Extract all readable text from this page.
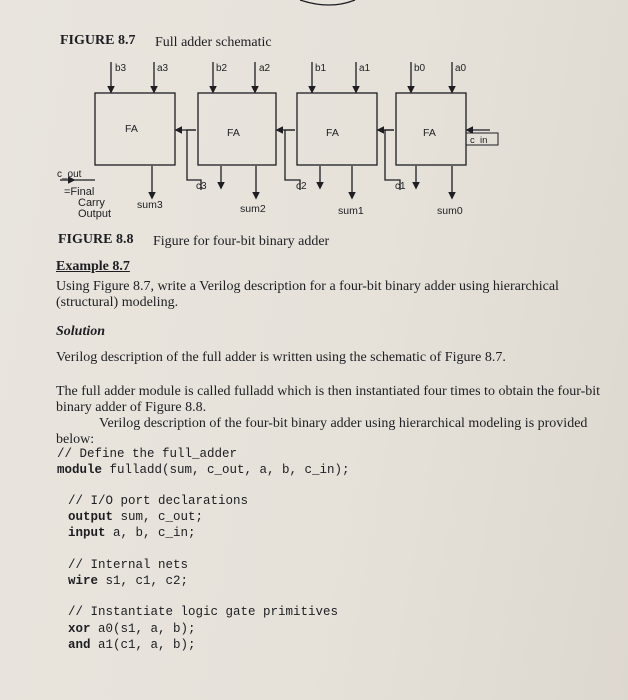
FIGURE 8.7 Full adder schematic
b3	a3	b2	a2	b1	a1	b0	a0
FA	FA	FA	FA
c_in
c3	c2	c1
c_out
=Final
Carry
Output
sum3	sum2	sum1	sum0
FIGURE 8.8 Figure for four-bit binary adder
Example 8.7
Using Figure 8.7, write a Verilog description for a four-bit binary adder using hierarchical (structural) modeling.
Solution
Verilog description of the full adder is written using the schematic of Figure 8.7.
The full adder module is called fulladd which is then instantiated four times to obtain the four-bit binary adder of Figure 8.8.
Verilog description of the four-bit binary adder using hierarchical modeling is provided below:
// Define the full_adder
module fulladd(sum, c_out, a, b, c_in);
// I/O port declarations
output sum, c_out;
input a, b, c_in;
// Internal nets
wire s1, c1, c2;
// Instantiate logic gate primitives
xor a0(s1, a, b);
and a1(c1, a, b);
